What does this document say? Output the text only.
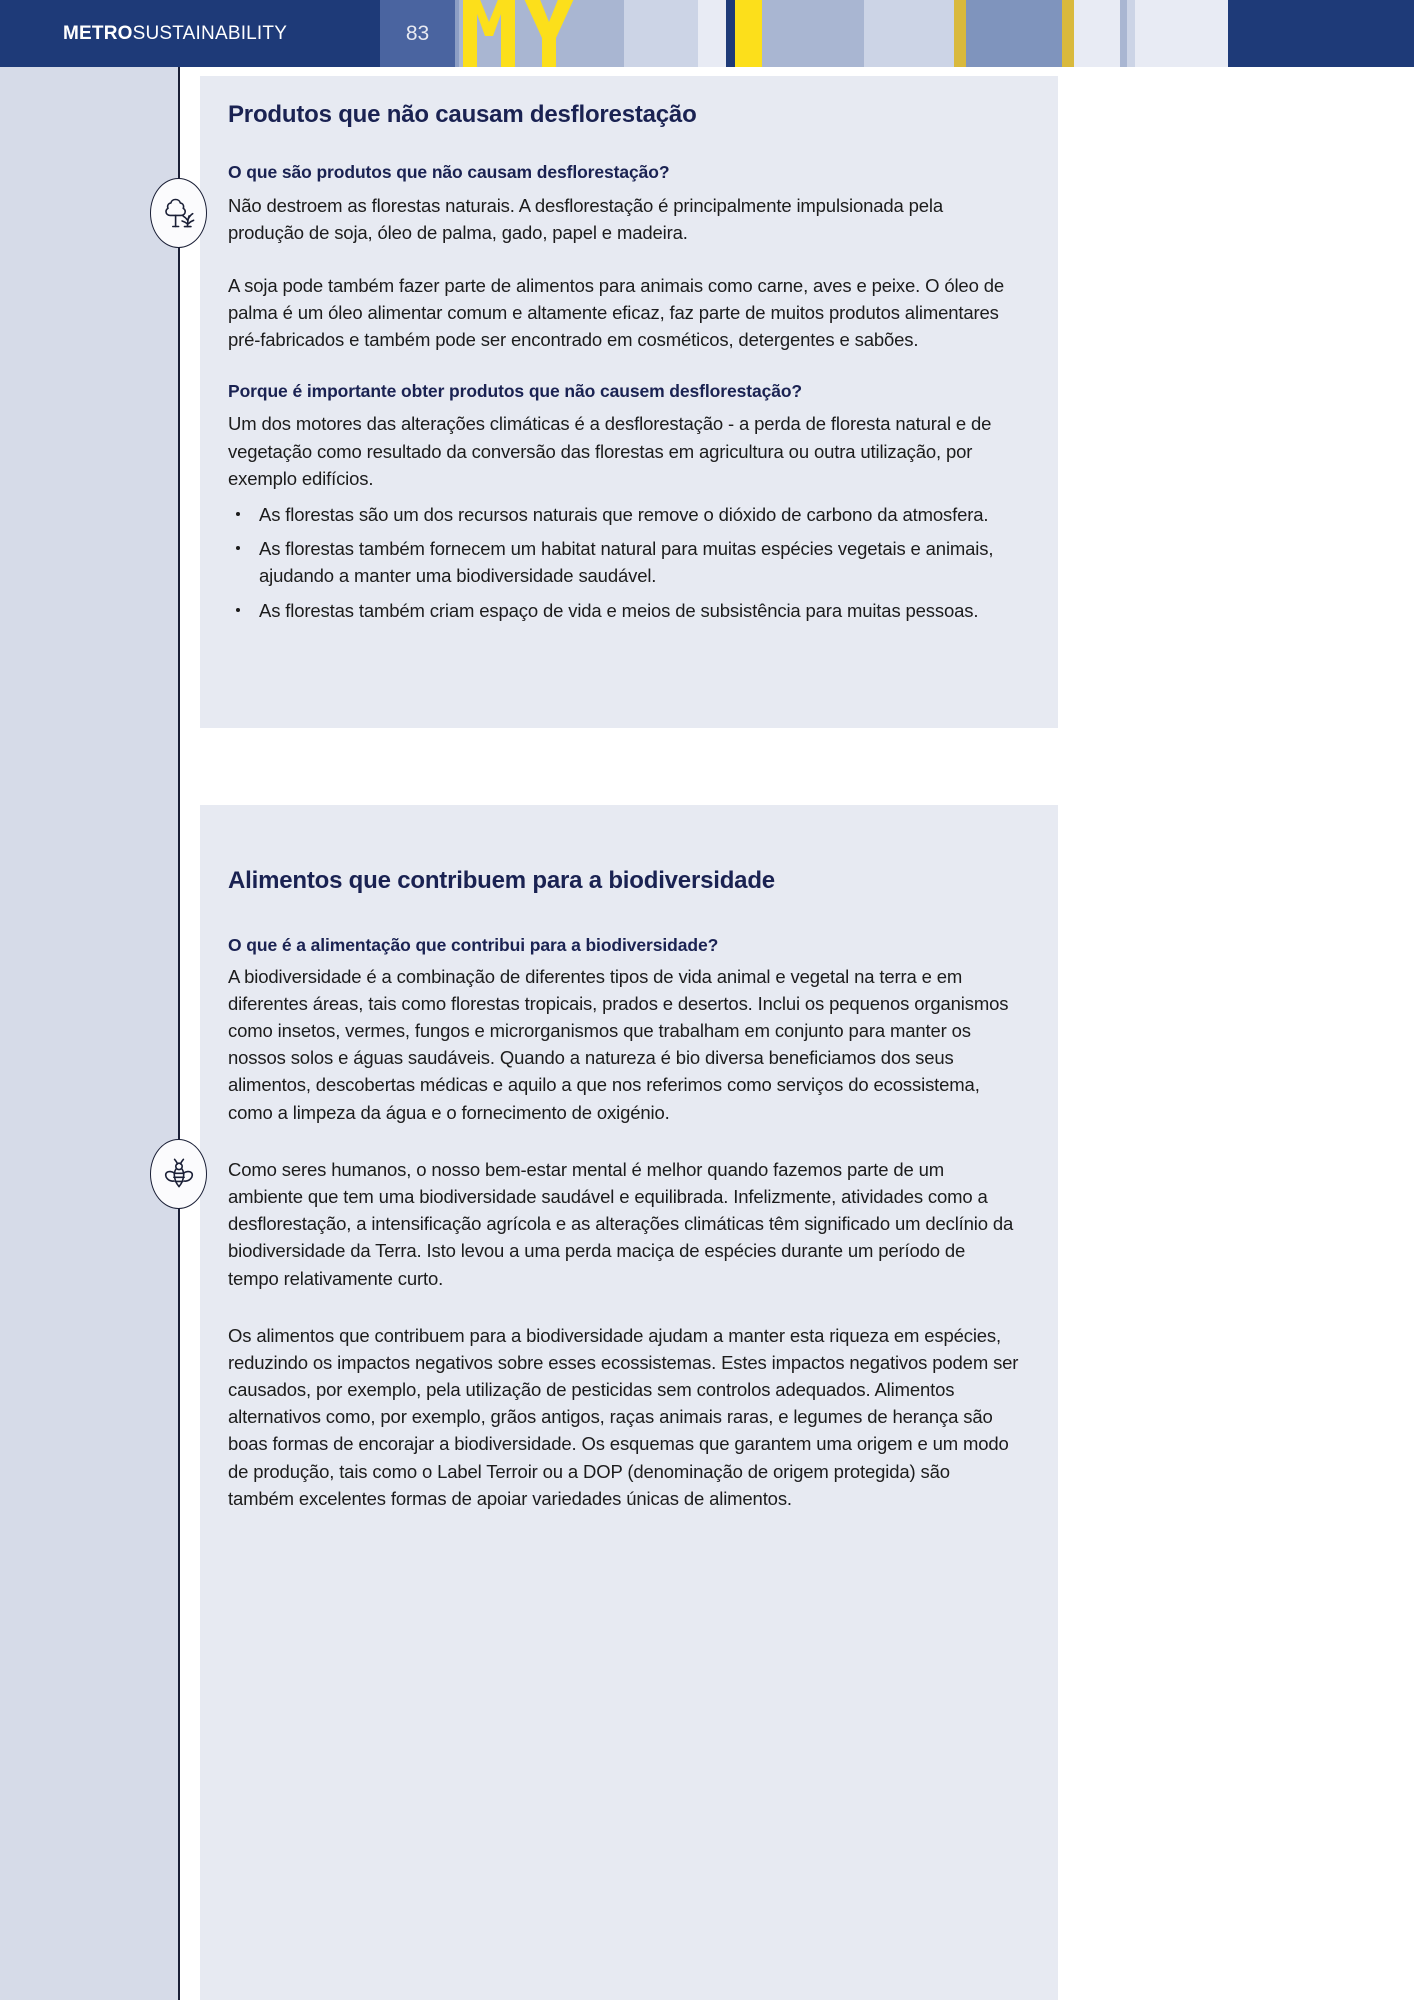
METRO SUSTAINABILITY	83
Produtos que não causam desflorestação
O que são produtos que não causam desflorestação?

Não destroem as florestas naturais. A desflorestação é principalmente impulsionada pela produção de soja, óleo de palma, gado, papel e madeira.

A soja pode também fazer parte de alimentos para animais como carne, aves e peixe. O óleo de palma é um óleo alimentar comum e altamente eficaz, faz parte de muitos produtos alimentares pré-fabricados e também pode ser encontrado em cosméticos, detergentes e sabões.

Porque é importante obter produtos que não causem desflorestação?

Um dos motores das alterações climáticas é a desflorestação - a perda de floresta natural e de vegetação como resultado da conversão das florestas em agricultura ou outra utilização, por exemplo edifícios.

As florestas são um dos recursos naturais que remove o dióxido de carbono da atmosfera.
As florestas também fornecem um habitat natural para muitas espécies vegetais e animais, ajudando a manter uma biodiversidade saudável.
As florestas também criam espaço de vida e meios de subsistência para muitas pessoas.
Alimentos que contribuem para a biodiversidade
O que é a alimentação que contribui para a biodiversidade?

A biodiversidade é a combinação de diferentes tipos de vida animal e vegetal na terra e em diferentes áreas, tais como florestas tropicais, prados e desertos. Inclui os pequenos organismos como insetos, vermes, fungos e microrganismos que trabalham em conjunto para manter os nossos solos e águas saudáveis. Quando a natureza é bio diversa beneficiamos dos seus alimentos, descobertas médicas e aquilo a que nos referimos como serviços do ecossistema, como a limpeza da água e o fornecimento de oxigénio.

Como seres humanos, o nosso bem-estar mental é melhor quando fazemos parte de um ambiente que tem uma biodiversidade saudável e equilibrada. Infelizmente, atividades como a desflorestação, a intensificação agrícola e as alterações climáticas têm significado um declínio da biodiversidade da Terra. Isto levou a uma perda maciça de espécies durante um período de tempo relativamente curto.

Os alimentos que contribuem para a biodiversidade ajudam a manter esta riqueza em espécies, reduzindo os impactos negativos sobre esses ecossistemas. Estes impactos negativos podem ser causados, por exemplo, pela utilização de pesticidas sem controlos adequados. Alimentos alternativos como, por exemplo, grãos antigos, raças animais raras, e legumes de herança são boas formas de encorajar a biodiversidade. Os esquemas que garantem uma origem e um modo de produção, tais como o Label Terroir ou a DOP (denominação de origem protegida) são também excelentes formas de apoiar variedades únicas de alimentos.
